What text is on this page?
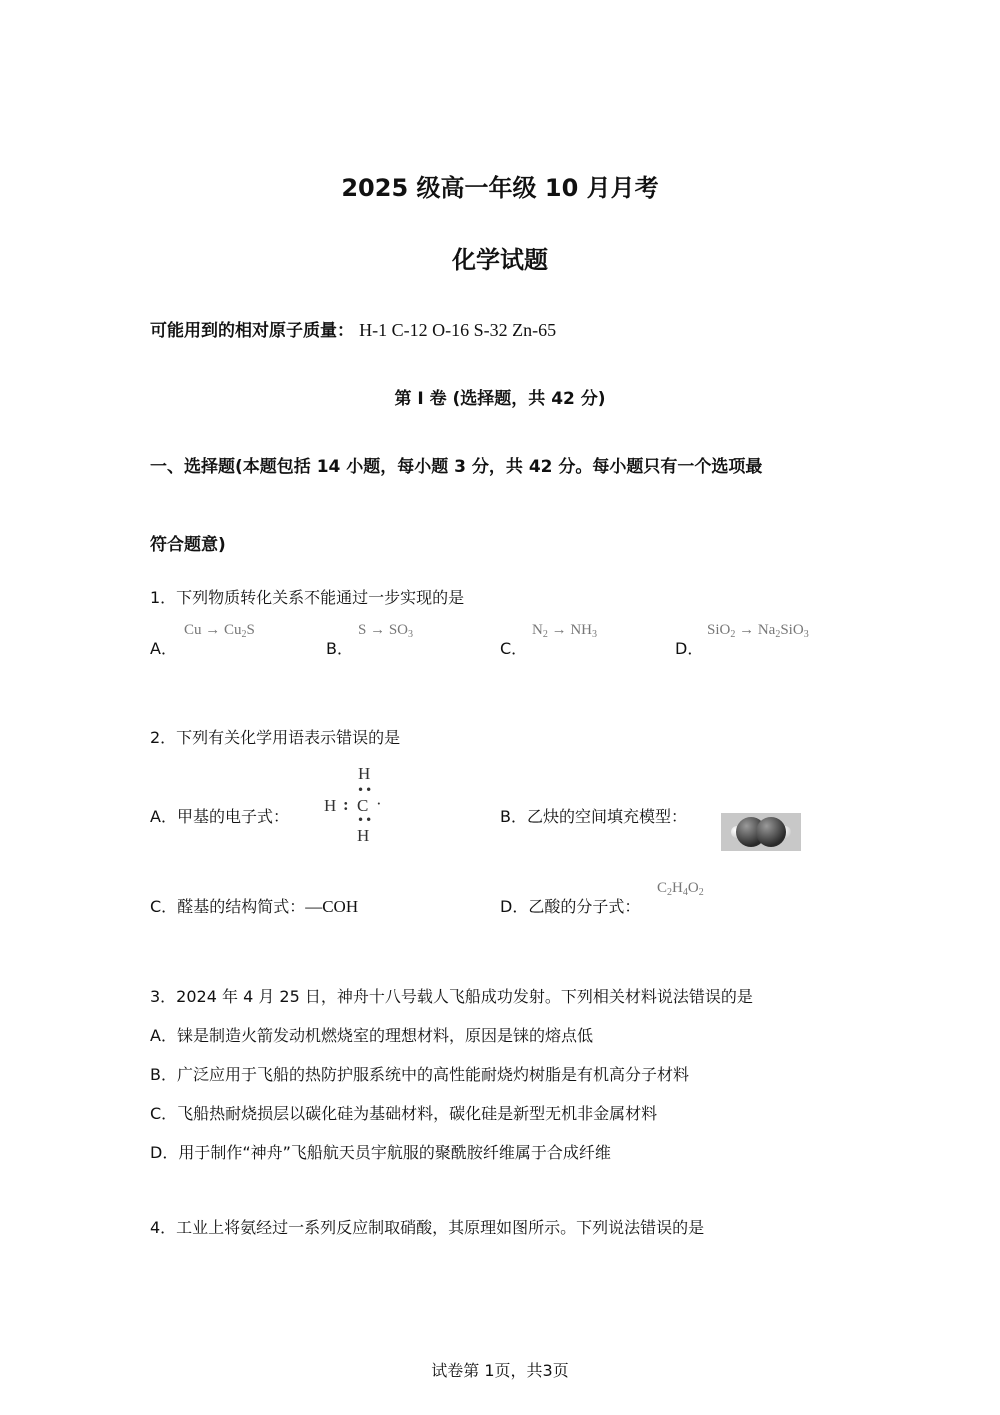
2025 级高一年级 10 月月考
化学试题
可能用到的相对原子质量： H-1 C-12 O-16 S-32 Zn-65
第 Ⅰ 卷 (选择题，共 42 分)
一、选择题(本题包括 14 小题，每小题 3 分，共 42 分。每小题只有一个选项最
符合题意)
1．下列物质转化关系不能通过一步实现的是
A．
$Cu \to Cu_2S$
B．
$S \to SO_3$
C．
$N_2 \to NH_3$
D．
$SiO_2 \to Na_2SiO_3$
2．下列有关化学用语表示错误的是
A．甲基的电子式：
H
••
H : C ·
••
H
B．乙炔的空间填充模型：
C．醛基的结构简式：—COH	D．乙酸的分子式：
$C_2H_4O_2$
3．2024 年 4 月 25 日，神舟十八号载人飞船成功发射。下列相关材料说法错误的是
A．铼是制造火箭发动机燃烧室的理想材料，原因是铼的熔点低
B．广泛应用于飞船的热防护服系统中的高性能耐烧灼树脂是有机高分子材料
C．飞船热耐烧损层以碳化硅为基础材料，碳化硅是新型无机非金属材料
D．用于制作“神舟”飞船航天员宇航服的聚酰胺纤维属于合成纤维
4．工业上将氨经过一系列反应制取硝酸，其原理如图所示。下列说法错误的是
试卷第 1页，共3页
